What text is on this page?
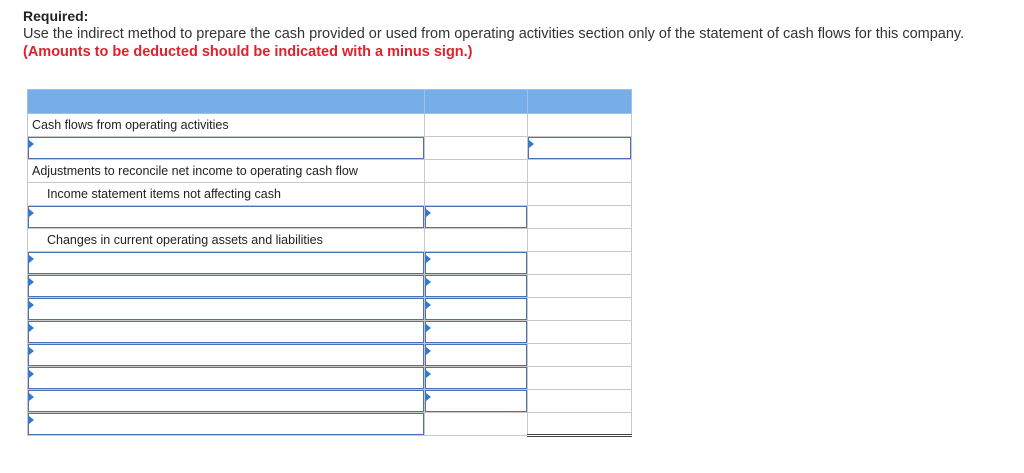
Required:
Use the indirect method to prepare the cash provided or used from operating activities section only of the statement of cash flows for this company. (Amounts to be deducted should be indicated with a minus sign.)

Cash flows from operating activities		

Adjustments to reconcile net income to operating cash flow		
Income statement items not affecting cash		

Changes in current operating assets and liabilities		
